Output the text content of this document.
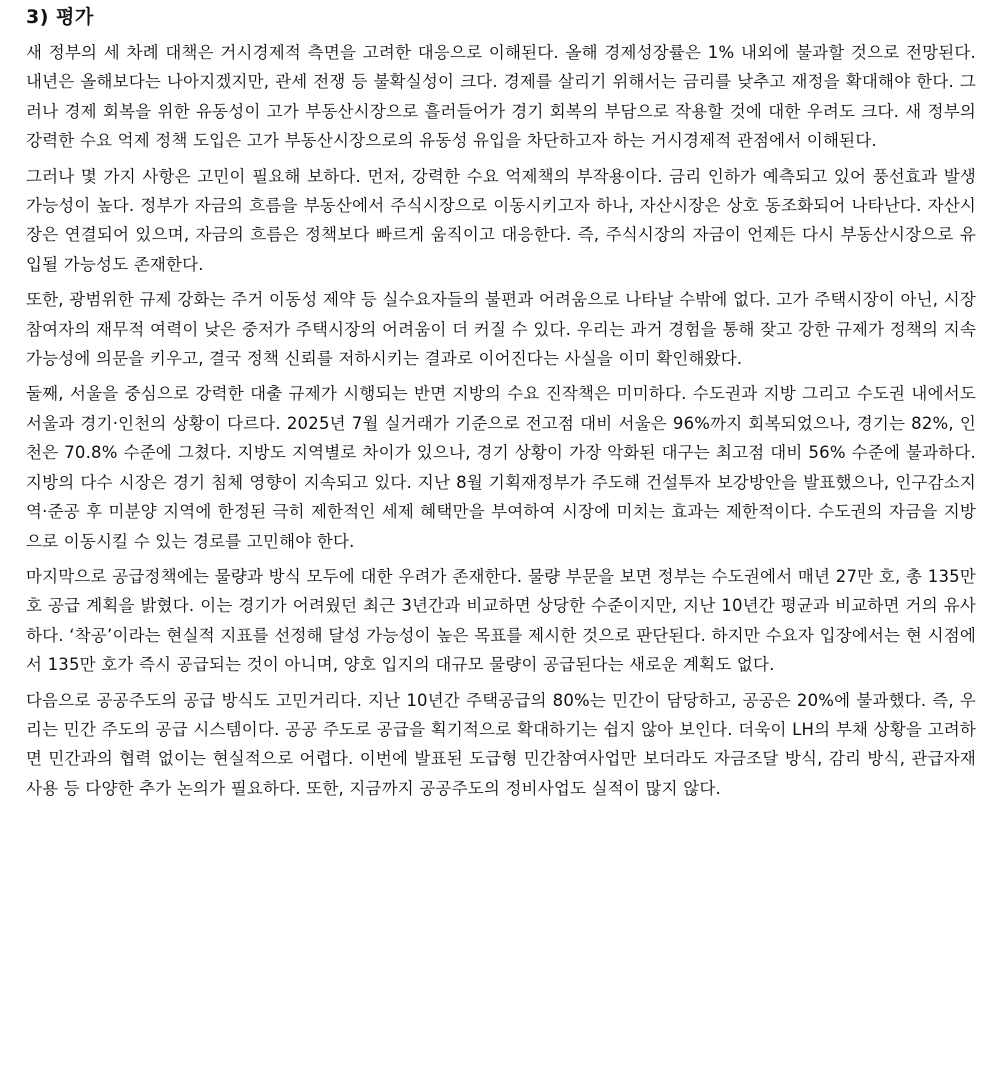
3) 평가

새 정부의 세 차례 대책은 거시경제적 측면을 고려한 대응으로 이해된다. 올해 경제성장률은 1% 내외에 불과할 것으로 전망된다. 내년은 올해보다는 나아지겠지만, 관세 전쟁 등 불확실성이 크다. 경제를 살리기 위해서는 금리를 낮추고 재정을 확대해야 한다. 그러나 경제 회복을 위한 유동성이 고가 부동산시장으로 흘러들어가 경기 회복의 부담으로 작용할 것에 대한 우려도 크다. 새 정부의 강력한 수요 억제 정책 도입은 고가 부동산시장으로의 유동성 유입을 차단하고자 하는 거시경제적 관점에서 이해된다.

그러나 몇 가지 사항은 고민이 필요해 보하다. 먼저, 강력한 수요 억제책의 부작용이다. 금리 인하가 예측되고 있어 풍선효과 발생 가능성이 높다. 정부가 자금의 흐름을 부동산에서 주식시장으로 이동시키고자 하나, 자산시장은 상호 동조화되어 나타난다. 자산시장은 연결되어 있으며, 자금의 흐름은 정책보다 빠르게 움직이고 대응한다. 즉, 주식시장의 자금이 언제든 다시 부동산시장으로 유입될 가능성도 존재한다.

또한, 광범위한 규제 강화는 주거 이동성 제약 등 실수요자들의 불편과 어려움으로 나타날 수밖에 없다. 고가 주택시장이 아닌, 시장 참여자의 재무적 여력이 낮은 중저가 주택시장의 어려움이 더 커질 수 있다. 우리는 과거 경험을 통해 잦고 강한 규제가 정책의 지속 가능성에 의문을 키우고, 결국 정책 신뢰를 저하시키는 결과로 이어진다는 사실을 이미 확인해왔다.

둘째, 서울을 중심으로 강력한 대출 규제가 시행되는 반면 지방의 수요 진작책은 미미하다. 수도권과 지방 그리고 수도권 내에서도 서울과 경기·인천의 상황이 다르다. 2025년 7월 실거래가 기준으로 전고점 대비 서울은 96%까지 회복되었으나, 경기는 82%, 인천은 70.8% 수준에 그쳤다. 지방도 지역별로 차이가 있으나, 경기 상황이 가장 악화된 대구는 최고점 대비 56% 수준에 불과하다. 지방의 다수 시장은 경기 침체 영향이 지속되고 있다. 지난 8월 기획재정부가 주도해 건설투자 보강방안을 발표했으나, 인구감소지역·준공 후 미분양 지역에 한정된 극히 제한적인 세제 혜택만을 부여하여 시장에 미치는 효과는 제한적이다. 수도권의 자금을 지방으로 이동시킬 수 있는 경로를 고민해야 한다.

마지막으로 공급정책에는 물량과 방식 모두에 대한 우려가 존재한다. 물량 부문을 보면 정부는 수도권에서 매년 27만 호, 총 135만 호 공급 계획을 밝혔다. 이는 경기가 어려웠던 최근 3년간과 비교하면 상당한 수준이지만, 지난 10년간 평균과 비교하면 거의 유사하다. ‘착공’이라는 현실적 지표를 선정해 달성 가능성이 높은 목표를 제시한 것으로 판단된다. 하지만 수요자 입장에서는 현 시점에서 135만 호가 즉시 공급되는 것이 아니며, 양호 입지의 대규모 물량이 공급된다는 새로운 계획도 없다.

다음으로 공공주도의 공급 방식도 고민거리다. 지난 10년간 주택공급의 80%는 민간이 담당하고, 공공은 20%에 불과했다. 즉, 우리는 민간 주도의 공급 시스템이다. 공공 주도로 공급을 획기적으로 확대하기는 쉽지 않아 보인다. 더욱이 LH의 부채 상황을 고려하면 민간과의 협력 없이는 현실적으로 어렵다. 이번에 발표된 도급형 민간참여사업만 보더라도 자금조달 방식, 감리 방식, 관급자재 사용 등 다양한 추가 논의가 필요하다. 또한, 지금까지 공공주도의 정비사업도 실적이 많지 않다.
